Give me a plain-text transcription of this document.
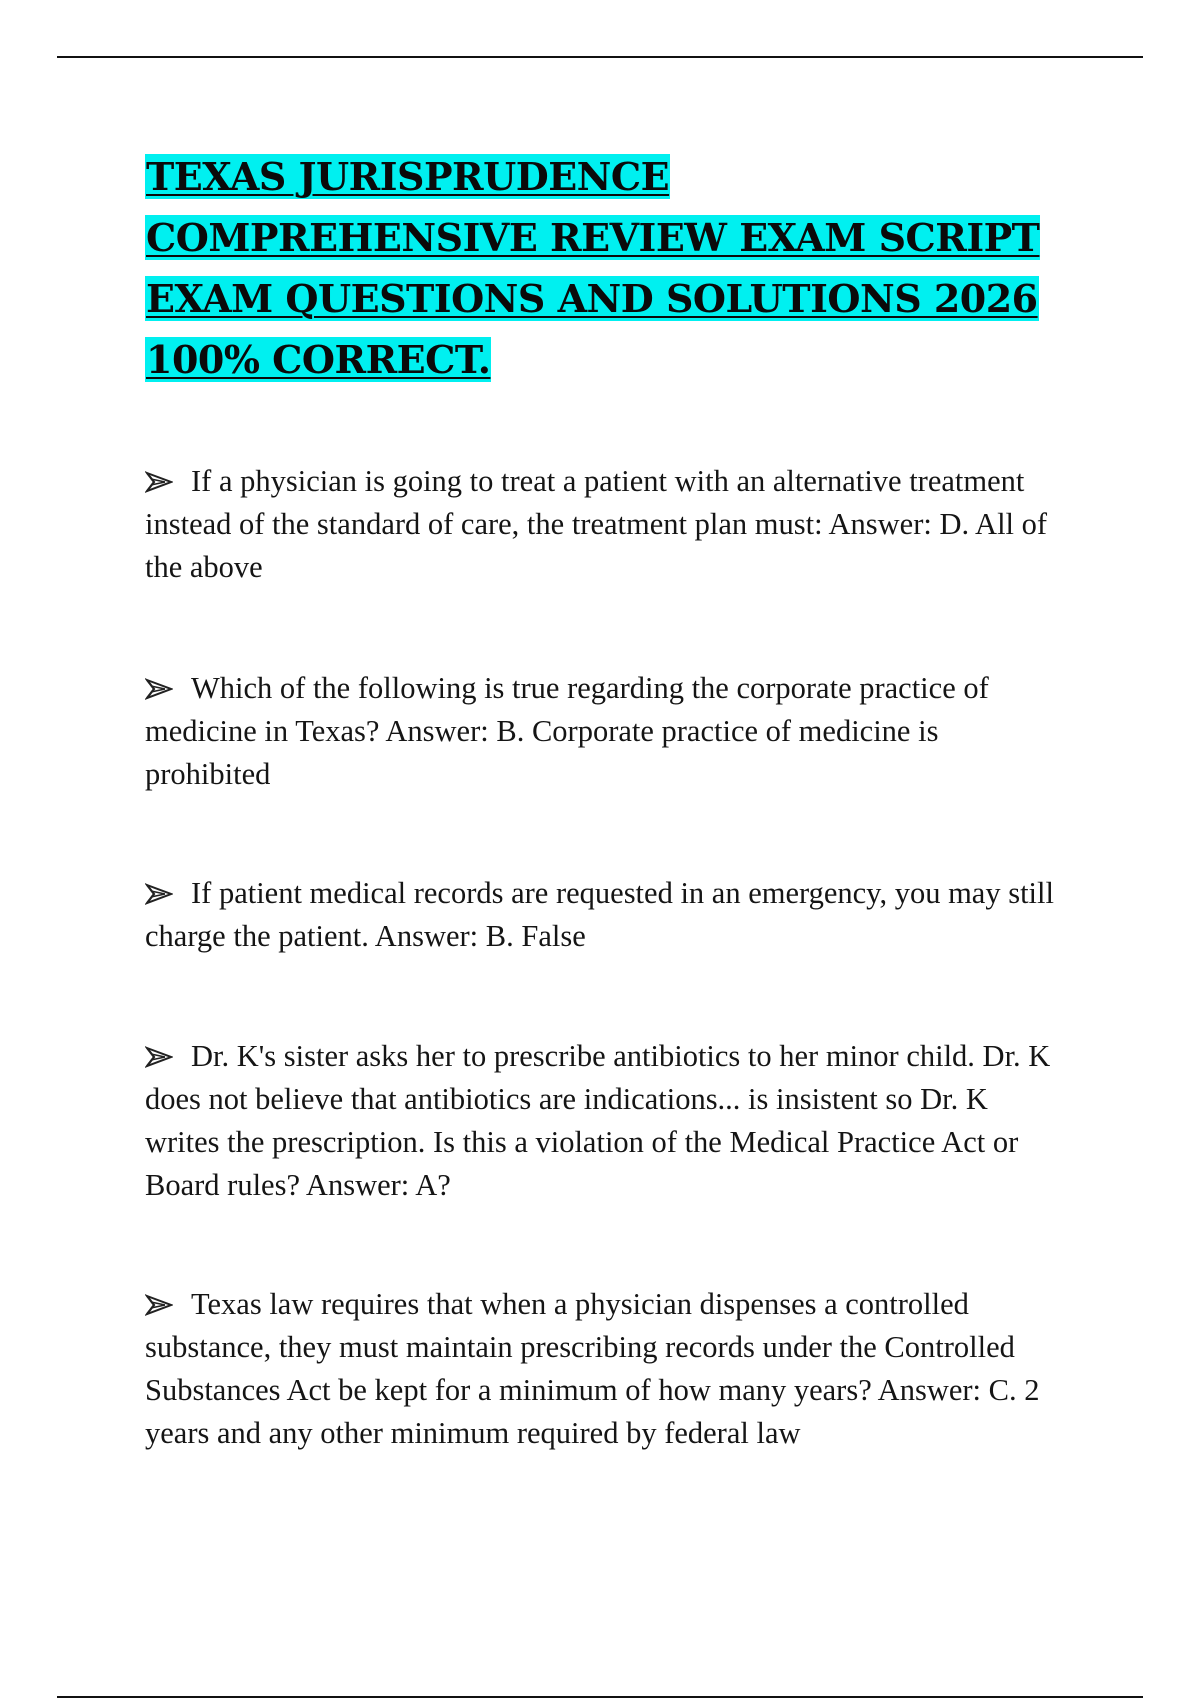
TEXAS JURISPRUDENCE COMPREHENSIVE REVIEW EXAM SCRIPT EXAM QUESTIONS AND SOLUTIONS 2026 100% CORRECT.

If a physician is going to treat a patient with an alternative treatment instead of the standard of care, the treatment plan must: Answer: D. All of the above

Which of the following is true regarding the corporate practice of medicine in Texas? Answer: B. Corporate practice of medicine is prohibited

If patient medical records are requested in an emergency, you may still charge the patient. Answer: B. False

Dr. K's sister asks her to prescribe antibiotics to her minor child. Dr. K does not believe that antibiotics are indications... is insistent so Dr. K writes the prescription. Is this a violation of the Medical Practice Act or Board rules? Answer: A?

Texas law requires that when a physician dispenses a controlled substance, they must maintain prescribing records under the Controlled Substances Act be kept for a minimum of how many years? Answer: C. 2 years and any other minimum required by federal law
